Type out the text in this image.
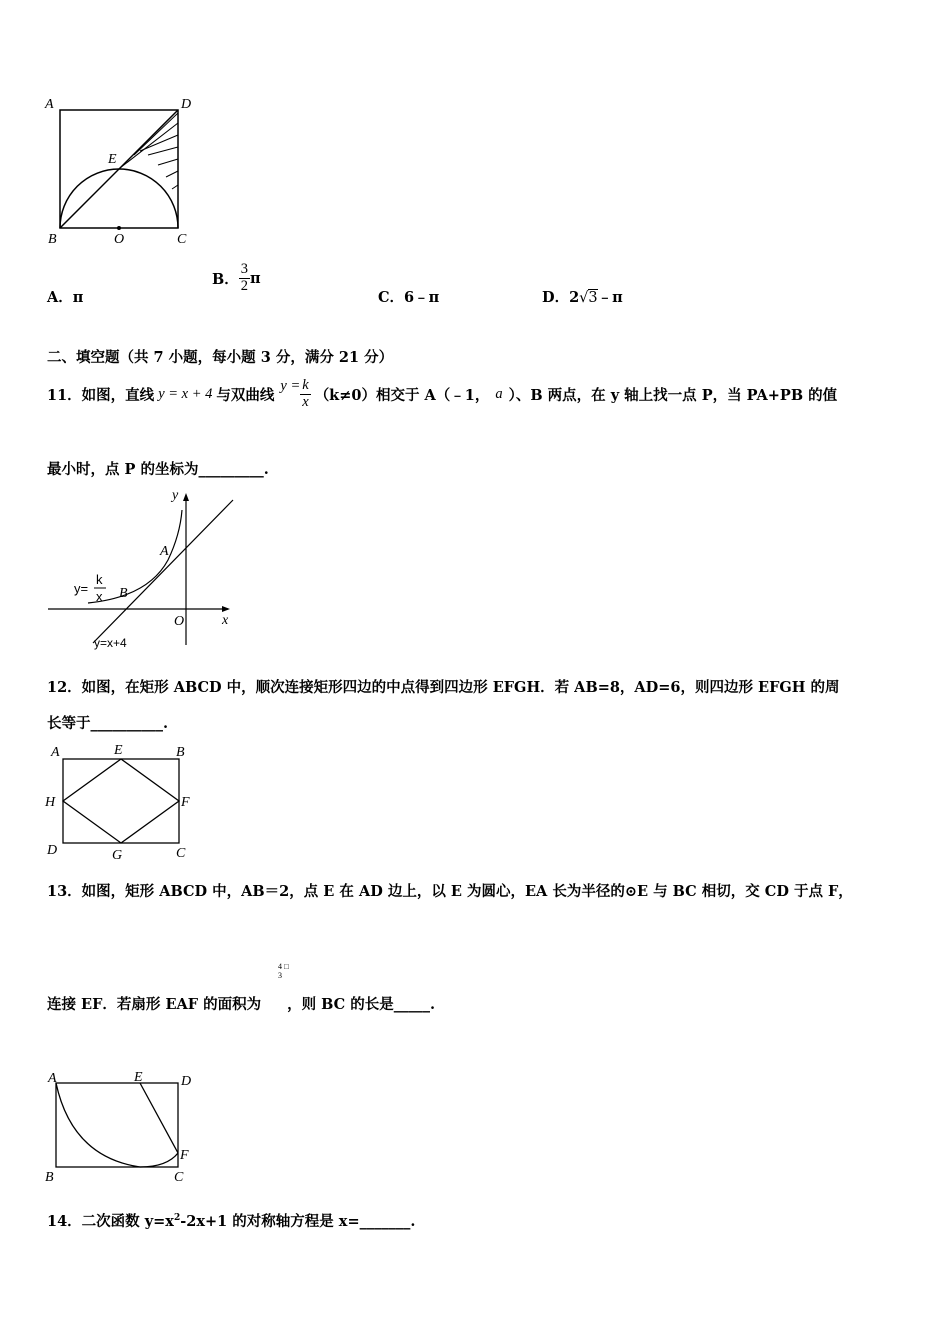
A	D
E
B	O	C
A．π
B． $\frac{3}{2}$ π
C．6﹣π	D．2√3﹣π
二、填空题（共 7 小题，每小题 3 分，满分 21 分）
11．如图，直线 y = x + 4 与双曲线
$y = \frac{k}{x} (k\ne 0)$相交于 A（﹣1， a ）、B 两点，在 y 轴上找一点 P，当 PA+PB 的值
最小时，点 P 的坐标为_________.
y
x
O
A
B
y=
k
x
y=x+4
12．如图，在矩形 ABCD 中，顺次连接矩形四边的中点得到四边形 EFGH．若 AB=8，AD=6，则四边形 EFGH 的周
长等于__________.
A	E	B
H	F
D	G	C
13．如图，矩形 ABCD 中，AB＝2，点 E 在 AD 边上，以 E 为圆心，EA 长为半径的⊙E 与 BC 相切，交 CD 于点 F，
4 □
3
连接 EF．若扇形 EAF 的面积为 ，则 BC 的长是_____.
A	E	D
F
B	C
14．二次函数 $y=x^2-2x+1$ 的对称轴方程是 x=_______.
